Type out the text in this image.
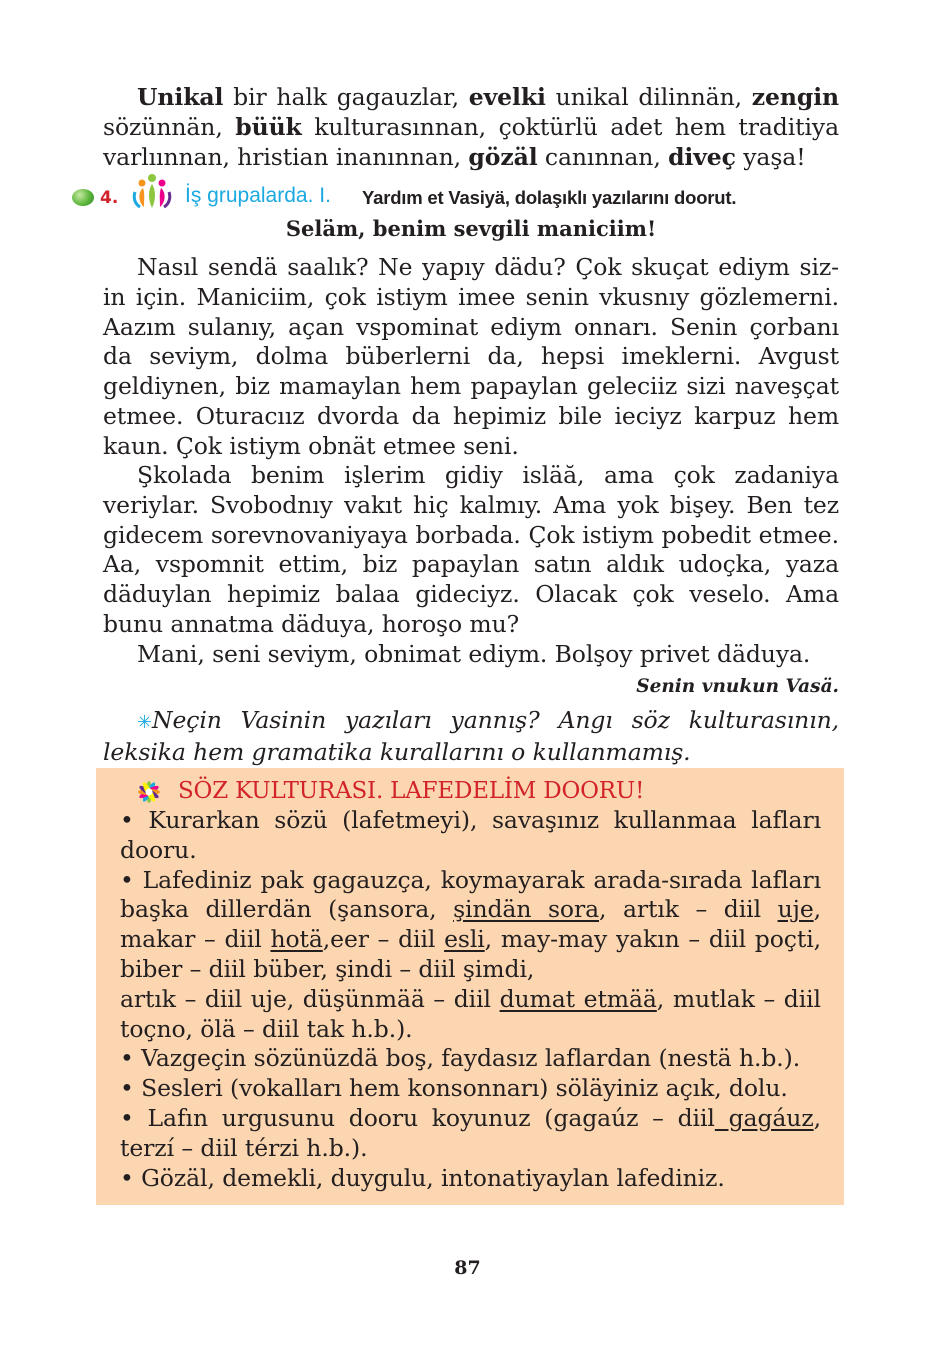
Unikal bir halk gagauzlar, evelki unikal dilinnän, zengin sözünnän, büük kulturasınnan, çoktürlü adet hem traditiya varlıınnan, hristian inanınnan, gözäl canınnan, diveç yaşa!

4.	İş grupalarda. I. Yardım et Vasiyä, dolaşıklı yazılarını doorut.

Seläm, benim sevgili maniciim!

Nasıl sendä saalık? Ne yapıy dädu? Çok skuçat ediym siz-in için. Maniciim, çok istiym imee senin vkusnıy gözlemerni. Aazım sulanıy, açan vspominat ediym onnarı. Senin çorbanı da seviym, dolma büberlerni da, hepsi imeklerni. Avgust geldiynen, biz mamaylan hem papaylan geleciiz sizi naveşçat etmee. Oturacıız dvorda da hepimiz bile ieciyz karpuz hem kaun. Çok istiym obnät etmee seni.

Şkolada benim işlerim gidiy isläă, ama çok zadaniya veriylar. Svobodnıy vakıt hiç kalmıy. Ama yok bişey. Ben tez gidecem sorevnovaniyaya borbada. Çok istiym pobedit etmee. Aa, vspomnit ettim, biz papaylan satın aldık udoçka, yaza däduylan hepimiz balaa gideciyz. Olacak çok veselo. Ama bunu annatma däduya, horoşo mu?

Mani, seni seviym, obnimat ediym. Bolşoy privet däduya.

Senin vnukun Vasä.

✳Neçin Vasinin yazıları yannış? Angı söz kulturasının, leksika hem gramatika kurallarını o kullanmamış.

SÖZ KULTURASI. LAFEDELİM DOORU!

• Kurarkan sözü (lafetmeyi), savaşınız kullanmaa lafları dooru.

• Lafediniz pak gagauzça, koymayarak arada-sırada lafları başka dillerdän (şansora, şindän sora, artık – diil uje, makar – diil hotä,eer – diil esli, may-may yakın – diil poçti, biber – diil büber, şindi – diil şimdi,

artık – diil uje, düşünmää – diil dumat etmää, mutlak – diil toçno, ölä – diil tak h.b.).

• Vazgeçin sözünüzdä boş, faydasız laflardan (nestä h.b.).

• Sesleri (vokalları hem konsonnarı) söläyiniz açık, dolu.

• Lafın urgusunu dooru koyunuz (gagaúz – diil gagáuz, terzí – diil térzi h.b.).

• Gözäl, demekli, duygulu, intonatiyaylan lafediniz.

87
